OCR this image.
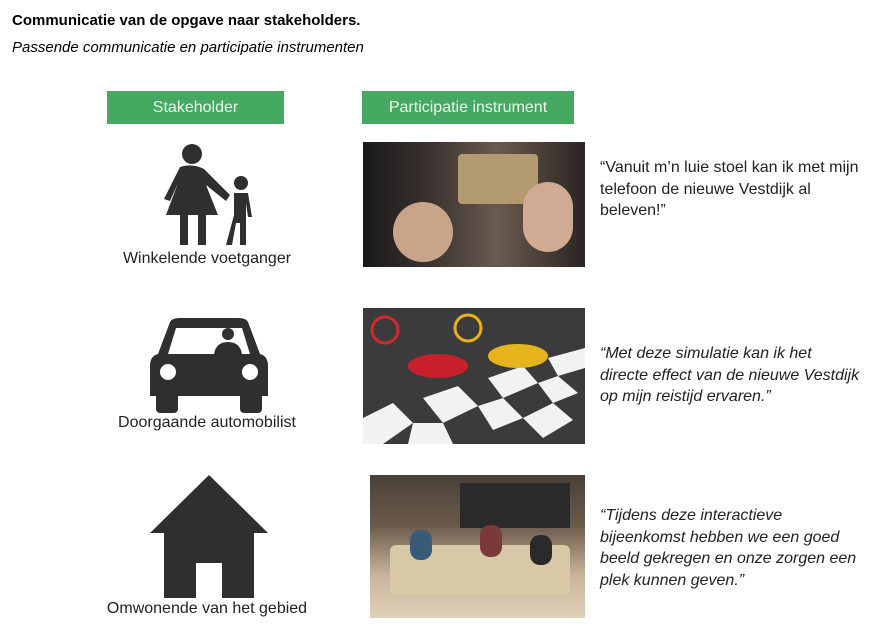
Communicatie van de opgave naar stakeholders.
Passende communicatie en participatie instrumenten
Stakeholder	Participatie instrument
Winkelende voetganger
“Vanuit m’n luie stoel kan ik met mijn telefoon de nieuwe Vestdijk al beleven!”
Doorgaande automobilist
“Met deze simulatie kan ik het directe effect van de nieuwe Vestdijk op mijn reistijd ervaren.”
Omwonende van het gebied
“Tijdens deze interactieve bijeenkomst hebben we een goed beeld gekregen en onze zorgen een plek kunnen geven.”
